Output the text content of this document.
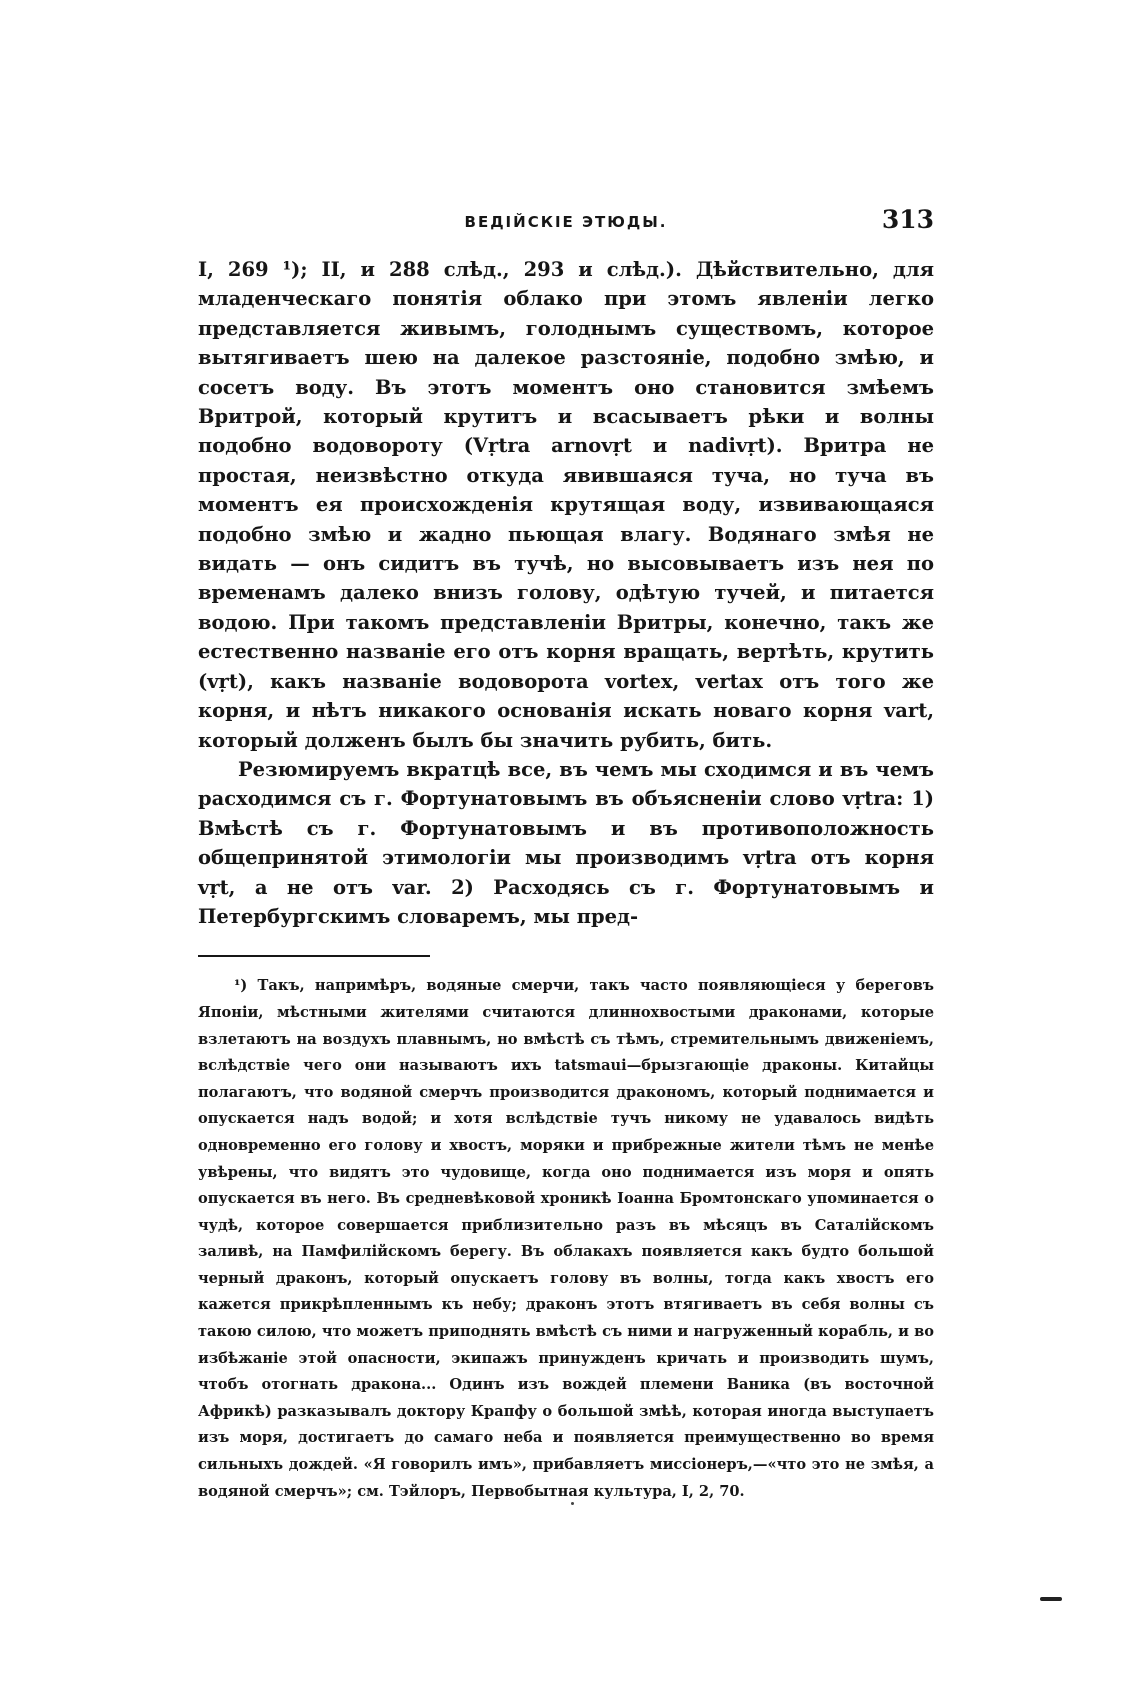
ВЕДІЙСКІЕ ЭТЮДЫ.	313

I, 269 ¹); II, и 288 слѣд., 293 и слѣд.). Дѣйствительно, для младенческаго понятія облако при этомъ явленіи легко представляется живымъ, голоднымъ существомъ, которое вытягиваетъ шею на далекое разстояніе, подобно змѣю, и сосетъ воду. Въ этотъ моментъ оно становится змѣемъ Вритрой, который крутитъ и всасываетъ рѣки и волны подобно водовороту (Vṛtra arnovṛt и nadivṛt). Вритра не простая, неизвѣстно откуда явившаяся туча, но туча въ моментъ ея происхожденія крутящая воду, извивающаяся подобно змѣю и жадно пьющая влагу. Водянаго змѣя не видать — онъ сидитъ въ тучѣ, но высовываетъ изъ нея по временамъ далеко внизъ голову, одѣтую тучей, и питается водою. При такомъ представленіи Вритры, конечно, такъ же естественно названіе его отъ корня вращать, вертѣть, крутить (vṛt), какъ названіе водоворота vortex, vertax отъ того же корня, и нѣтъ никакого основанія искать новаго корня vart, который долженъ былъ бы значить рубить, бить.

Резюмируемъ вкратцѣ все, въ чемъ мы сходимся и въ чемъ расходимся съ г. Фортунатовымъ въ объясненіи слово vṛtra: 1) Вмѣстѣ съ г. Фортунатовымъ и въ противоположность общепринятой этимологіи мы производимъ vṛtra отъ корня vṛt, а не отъ var. 2) Расходясь съ г. Фортунатовымъ и Петербургскимъ словаремъ, мы пред-

¹) Такъ, напримѣръ, водяные смерчи, такъ часто появляющіеся у береговъ Японіи, мѣстными жителями считаются длиннохвостыми драконами, которые взлетаютъ на воздухъ плавнымъ, но вмѣстѣ съ тѣмъ, стремительнымъ движеніемъ, вслѣдствіе чего они называютъ ихъ tatsmaui—брызгающіе драконы. Китайцы полагаютъ, что водяной смерчъ производится дракономъ, который поднимается и опускается надъ водой; и хотя вслѣдствіе тучъ никому не удавалось видѣть одновременно его голову и хвостъ, моряки и прибрежные жители тѣмъ не менѣе увѣрены, что видятъ это чудовище, когда оно поднимается изъ моря и опять опускается въ него. Въ средневѣковой хроникѣ Іоанна Бромтонскаго упоминается о чудѣ, которое совершается приблизительно разъ въ мѣсяцъ въ Саталійскомъ заливѣ, на Памфилійскомъ берегу. Въ облакахъ появляется какъ будто большой черный драконъ, который опускаетъ голову въ волны, тогда какъ хвостъ его кажется прикрѣпленнымъ къ небу; драконъ этотъ втягиваетъ въ себя волны съ такою силою, что можетъ приподнять вмѣстѣ съ ними и нагруженный корабль, и во избѣжаніе этой опасности, экипажъ принужденъ кричать и производить шумъ, чтобъ отогнать дракона... Одинъ изъ вождей племени Ваника (въ восточной Африкѣ) разказывалъ доктору Крапфу о большой змѣѣ, которая иногда выступаетъ изъ моря, достигаетъ до самаго неба и появляется преимущественно во время сильныхъ дождей. «Я говорилъ имъ», прибавляетъ миссіонеръ,—«что это не змѣя, а водяной смерчъ»; см. Тэйлоръ, Первобытная культура, I, 2, 70.
